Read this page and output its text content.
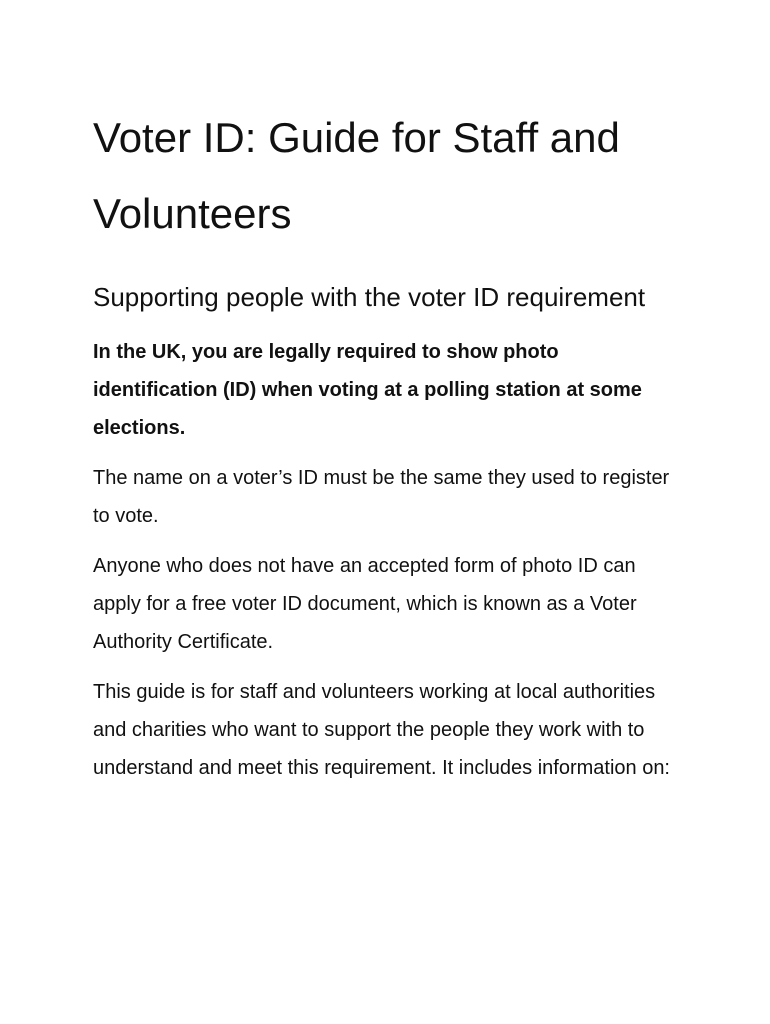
Voter ID: Guide for Staff and Volunteers
Supporting people with the voter ID requirement

In the UK, you are legally required to show photo identification (ID) when voting at a polling station at some elections.

The name on a voter’s ID must be the same they used to register to vote.

Anyone who does not have an accepted form of photo ID can apply for a free voter ID document, which is known as a Voter Authority Certificate.

This guide is for staff and volunteers working at local authorities and charities who want to support the people they work with to understand and meet this requirement. It includes information on:
